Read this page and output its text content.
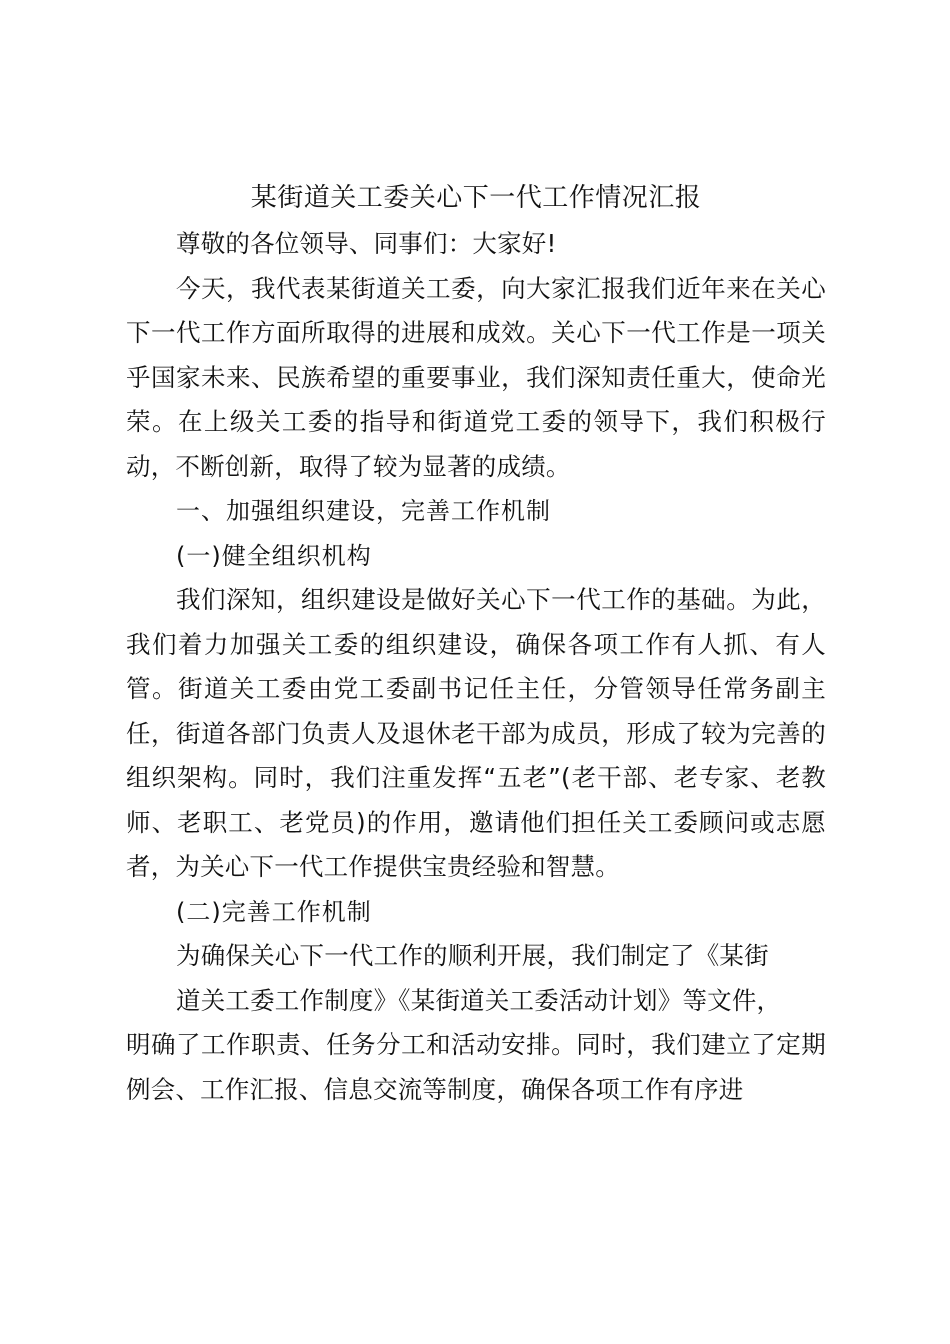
某街道关工委关心下一代工作情况汇报

尊敬的各位领导、同事们：大家好!

今天，我代表某街道关工委，向大家汇报我们近年来在关心下一代工作方面所取得的进展和成效。关心下一代工作是一项关乎国家未来、民族希望的重要事业，我们深知责任重大，使命光荣。在上级关工委的指导和街道党工委的领导下，我们积极行动，不断创新，取得了较为显著的成绩。

一、加强组织建设，完善工作机制

(一)健全组织机构

我们深知，组织建设是做好关心下一代工作的基础。为此，我们着力加强关工委的组织建设，确保各项工作有人抓、有人管。街道关工委由党工委副书记任主任，分管领导任常务副主任，街道各部门负责人及退休老干部为成员，形成了较为完善的组织架构。同时，我们注重发挥“五老”(老干部、老专家、老教师、老职工、老党员)的作用，邀请他们担任关工委顾问或志愿者，为关心下一代工作提供宝贵经验和智慧。

(二)完善工作机制

为确保关心下一代工作的顺利开展，我们制定了《某街

道关工委工作制度》《某街道关工委活动计划》等文件，

明确了工作职责、任务分工和活动安排。同时，我们建立了定期例会、工作汇报、信息交流等制度，确保各项工作有序进
